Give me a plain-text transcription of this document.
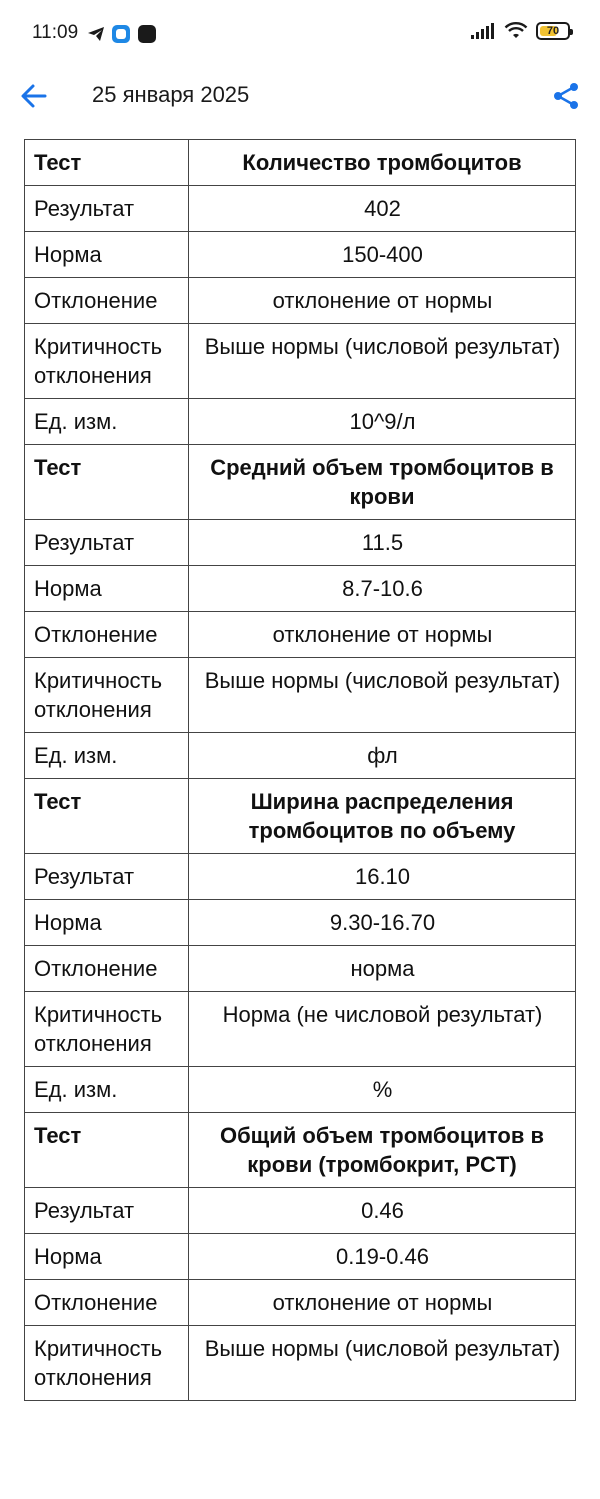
11:09	70
25 января 2025
Тест	Количество тромбоцитов
Результат	402
Норма	150-400
Отклонение	отклонение от нормы
Критичность отклонения	Выше нормы (числовой результат)
Ед. изм.	10^9/л
Тест	Средний объем тромбоцитов в крови
Результат	11.5
Норма	8.7-10.6
Отклонение	отклонение от нормы
Критичность отклонения	Выше нормы (числовой результат)
Ед. изм.	фл
Тест	Ширина распределения тромбоцитов по объему
Результат	16.10
Норма	9.30-16.70
Отклонение	норма
Критичность отклонения	Норма (не числовой результат)
Ед. изм.	%
Тест	Общий объем тромбоцитов в крови (тромбокрит, PCT)
Результат	0.46
Норма	0.19-0.46
Отклонение	отклонение от нормы
Критичность отклонения	Выше нормы (числовой результат)
